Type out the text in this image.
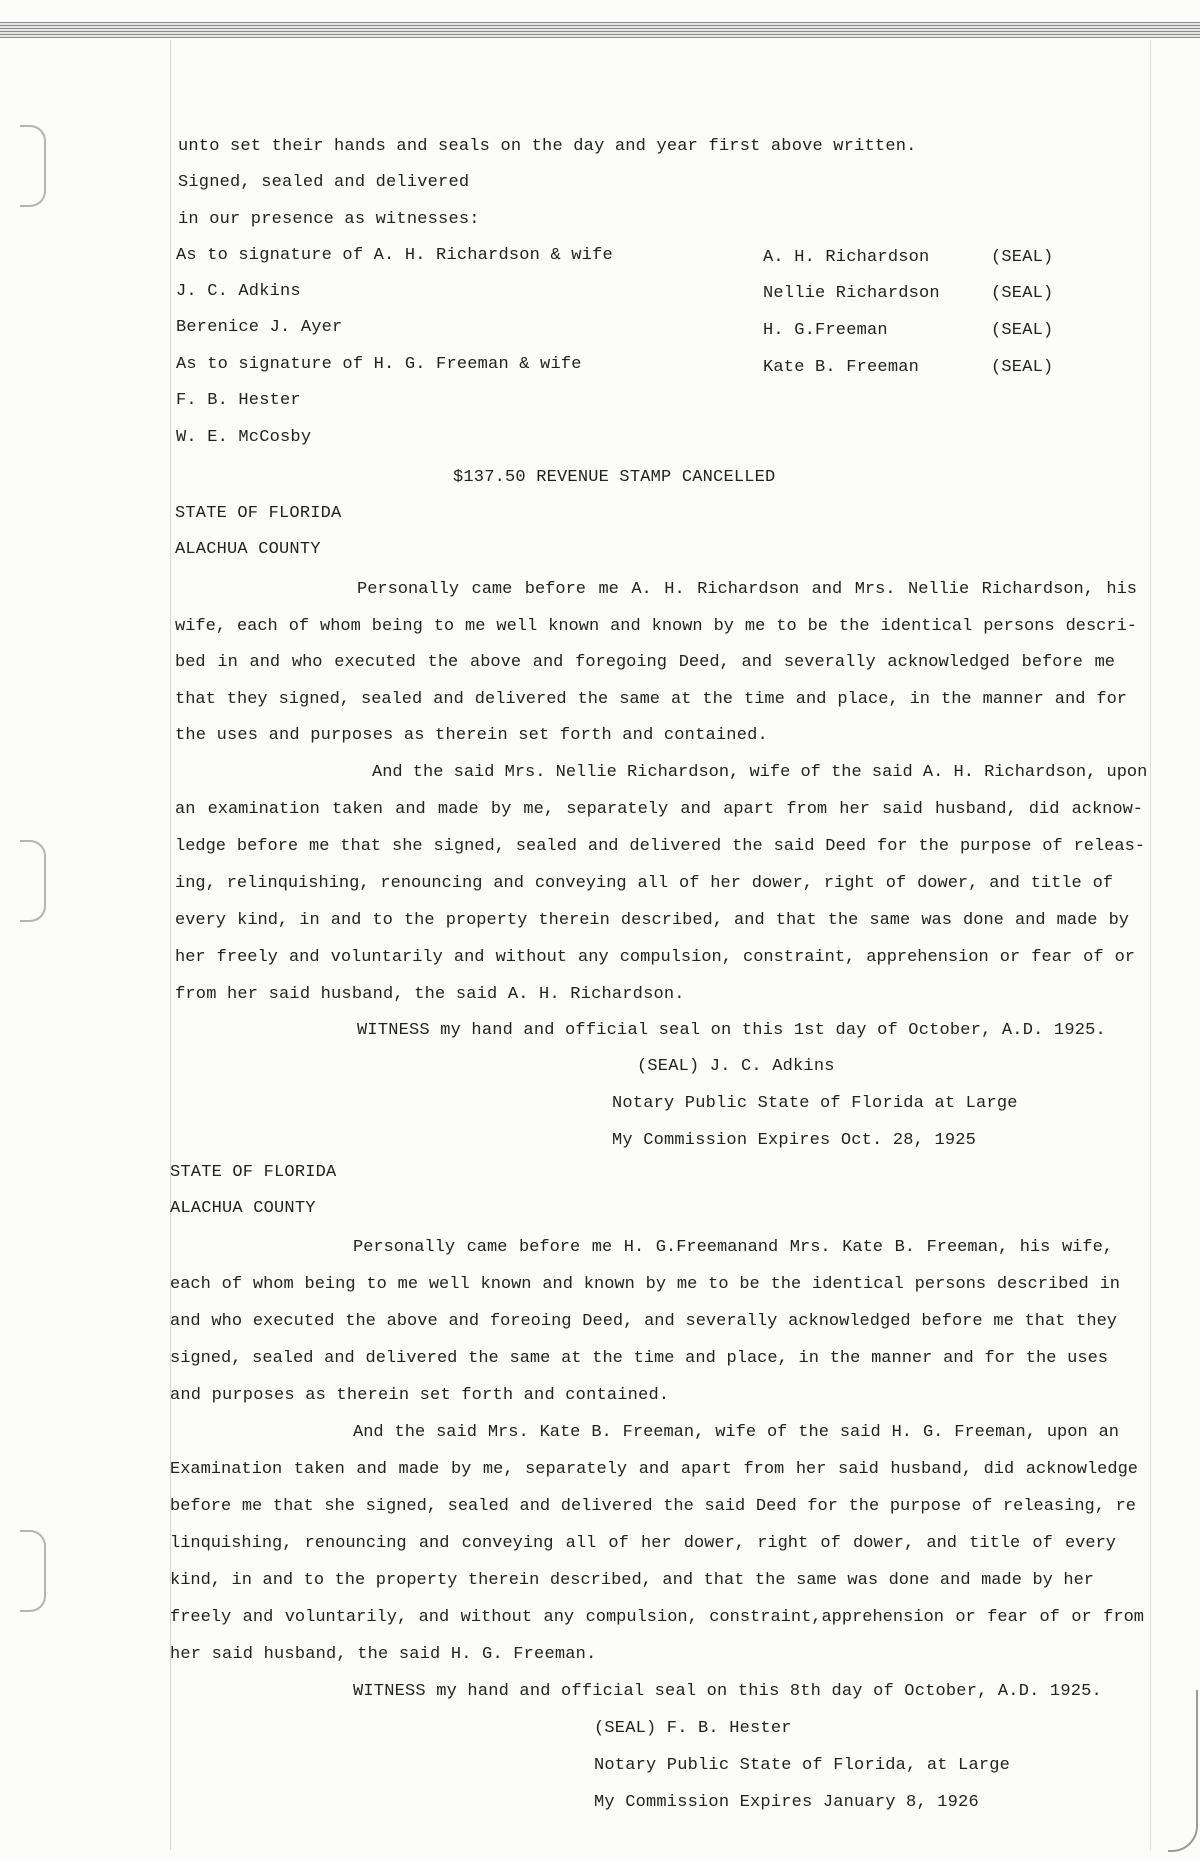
unto set their hands and seals on the day and year first above written.
Signed, sealed and delivered
in our presence as witnesses:
As to signature of A. H. Richardson & wife
J. C. Adkins
Berenice J. Ayer
As to signature of H. G. Freeman & wife
F. B. Hester
W. E. McCosby
A. H. Richardson	(SEAL)
Nellie Richardson	(SEAL)
H. G.Freeman	(SEAL)
Kate B. Freeman	(SEAL)
$137.50 REVENUE STAMP CANCELLED
STATE OF FLORIDA
ALACHUA COUNTY
Personally came before me A. H. Richardson and Mrs. Nellie Richardson, his
wife, each of whom being to me well known and known by me to be the identical persons descri-
bed in and who executed the above and foregoing Deed, and severally acknowledged before me
that they signed, sealed and delivered the same at the time and place, in the manner and for
the uses and purposes as therein set forth and contained.
And the said Mrs. Nellie Richardson, wife of the said A. H. Richardson, upon
an examination taken and made by me, separately and apart from her said husband, did acknow-
ledge before me that she signed, sealed and delivered the said Deed for the purpose of releas-
ing, relinquishing, renouncing and conveying all of her dower, right of dower, and title of
every kind, in and to the property therein described, and that the same was done and made by
her freely and voluntarily and without any compulsion, constraint, apprehension or fear of or
from her said husband, the said A. H. Richardson.
WITNESS my hand and official seal on this 1st day of October, A.D. 1925.
(SEAL) J. C. Adkins
Notary Public State of Florida at Large
My Commission Expires Oct. 28, 1925
STATE OF FLORIDA
ALACHUA COUNTY
Personally came before me H. G.Freemanand Mrs. Kate B. Freeman, his wife,
each of whom being to me well known and known by me to be the identical persons described in
and who executed the above and foreoing Deed, and severally acknowledged before me that they
signed, sealed and delivered the same at the time and place, in the manner and for the uses
and purposes as therein set forth and contained.
And the said Mrs. Kate B. Freeman, wife of the said H. G. Freeman, upon an
Examination taken and made by me, separately and apart from her said husband, did acknowledge
before me that she signed, sealed and delivered the said Deed for the purpose of releasing, re
linquishing, renouncing and conveying all of her dower, right of dower, and title of every
kind, in and to the property therein described, and that the same was done and made by her
freely and voluntarily, and without any compulsion, constraint,apprehension or fear of or from
her said husband, the said H. G. Freeman.
WITNESS my hand and official seal on this 8th day of October, A.D. 1925.
(SEAL) F. B. Hester
Notary Public State of Florida, at Large
My Commission Expires January 8, 1926
